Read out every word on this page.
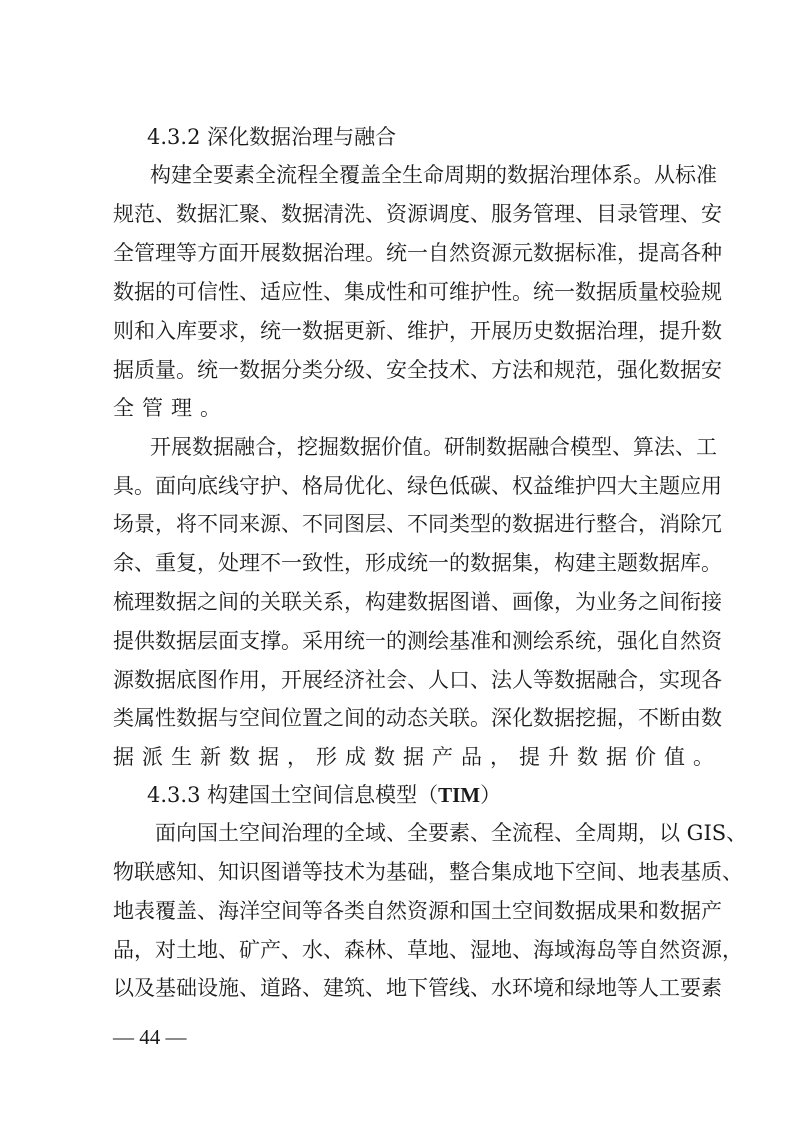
4.3.2 深化数据治理与融合
构建全要素全流程全覆盖全生命周期的数据治理体系。从标准
规范、数据汇聚、数据清洗、资源调度、服务管理、目录管理、安
全管理等方面开展数据治理。统一自然资源元数据标准，提高各种
数据的可信性、适应性、集成性和可维护性。统一数据质量校验规
则和入库要求，统一数据更新、维护，开展历史数据治理，提升数
据质量。统一数据分类分级、安全技术、方法和规范，强化数据安
全管理。
开展数据融合，挖掘数据价值。研制数据融合模型、算法、工
具。面向底线守护、格局优化、绿色低碳、权益维护四大主题应用
场景，将不同来源、不同图层、不同类型的数据进行整合，消除冗
余、重复，处理不一致性，形成统一的数据集，构建主题数据库。
梳理数据之间的关联关系，构建数据图谱、画像，为业务之间衔接
提供数据层面支撑。采用统一的测绘基准和测绘系统，强化自然资
源数据底图作用，开展经济社会、人口、法人等数据融合，实现各
类属性数据与空间位置之间的动态关联。深化数据挖掘，不断由数
据派生新数据，形成数据产品，提升数据价值。
4.3.3 构建国土空间信息模型（TIM）
面向国土空间治理的全域、全要素、全流程、全周期，以 GIS、
物联感知、知识图谱等技术为基础，整合集成地下空间、地表基质、
地表覆盖、海洋空间等各类自然资源和国土空间数据成果和数据产
品，对土地、矿产、水、森林、草地、湿地、海域海岛等自然资源，
以及基础设施、道路、建筑、地下管线、水环境和绿地等人工要素
— 44 —
